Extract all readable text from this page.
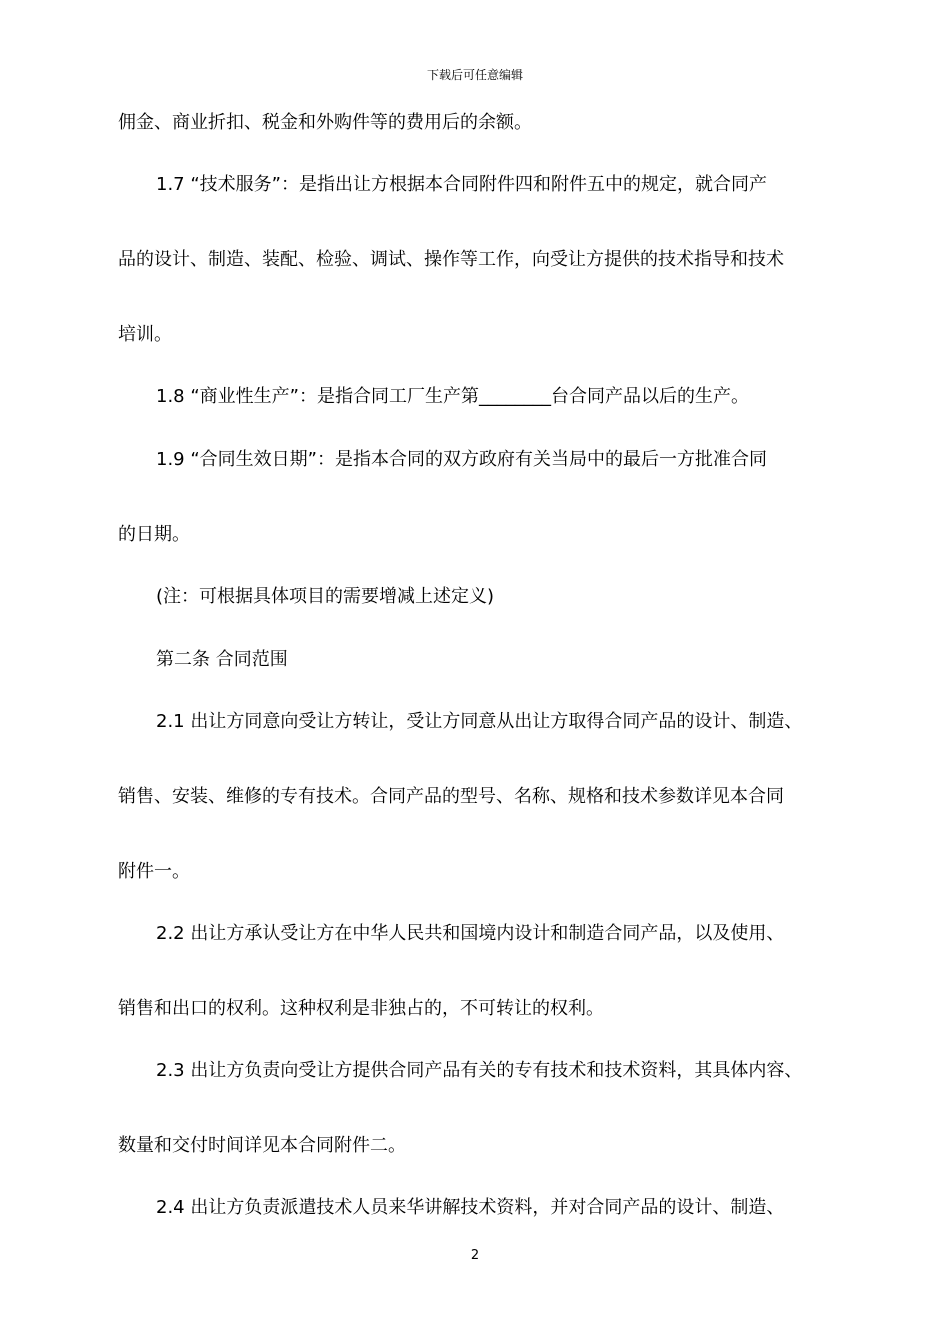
下载后可任意编辑
佣金、商业折扣、税金和外购件等的费用后的余额。
1.7 “技术服务”：是指出让方根据本合同附件四和附件五中的规定，就合同产
品的设计、制造、装配、检验、调试、操作等工作，向受让方提供的技术指导和技术
培训。
1.8 “商业性生产”：是指合同工厂生产第________台合同产品以后的生产。
1.9 “合同生效日期”：是指本合同的双方政府有关当局中的最后一方批准合同
的日期。
(注：可根据具体项目的需要增减上述定义)
第二条 合同范围
2.1 出让方同意向受让方转让，受让方同意从出让方取得合同产品的设计、制造、
销售、安装、维修的专有技术。合同产品的型号、名称、规格和技术参数详见本合同
附件一。
2.2 出让方承认受让方在中华人民共和国境内设计和制造合同产品，以及使用、
销售和出口的权利。这种权利是非独占的，不可转让的权利。
2.3 出让方负责向受让方提供合同产品有关的专有技术和技术资料，其具体内容、
数量和交付时间详见本合同附件二。
2.4 出让方负责派遣技术人员来华讲解技术资料，并对合同产品的设计、制造、
2
